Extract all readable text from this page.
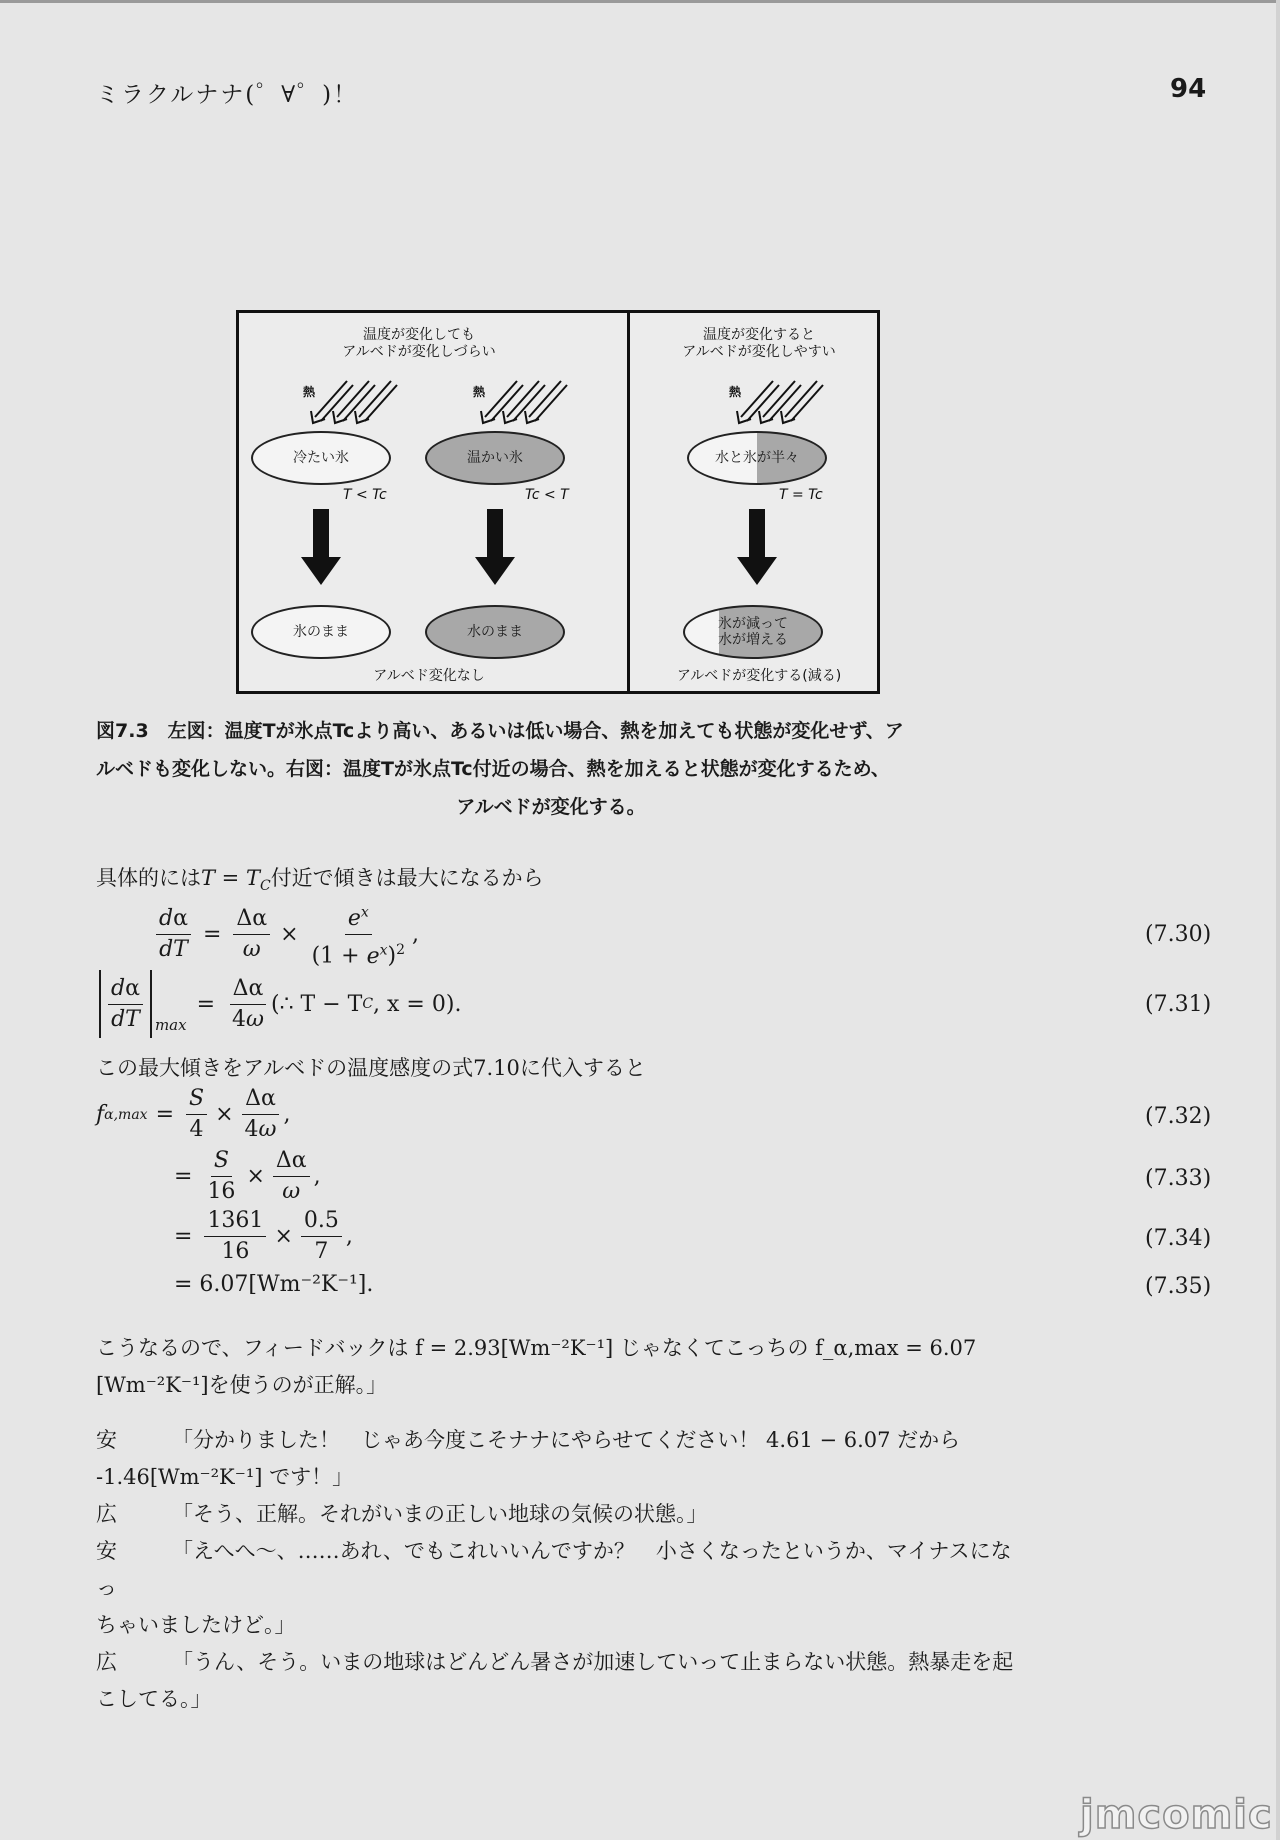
ミラクルナナ(゜∀゜)！	94
温度が変化しても
アルベドが変化しづらい
熱	熱
冷たい氷	温かい氷
T < Tc	Tc < T
氷のまま	水のまま
アルベド変化なし
温度が変化すると
アルベドが変化しやすい
熱
水と氷が半々
T = Tc
氷が減って
水が増える
アルベドが変化する(減る)
図7.3　左図：温度Tが氷点Tcより高い、あるいは低い場合、熱を加えても状態が変化せず、ア
ルベドも変化しない。右図：温度Tが氷点Tc付近の場合、熱を加えると状態が変化するため、
アルベドが変化する。
具体的には$T = T_C$付近で傾きは最大になるから
$\frac{d\alpha}{dT} = \frac{\Delta\alpha}{\omega} \times \frac{e^x}{(1 + e^x)^2}$ ,	(7.30)
$\frac{d\alpha}{dT}$ max
= $\frac{\Delta\alpha}{4\omega}$ (∴ T − T C , x = 0).	(7.31)
この最大傾きをアルベドの温度感度の式7.10に代入すると
f $\alpha,\max = \frac{S}{4} \times \frac{\Delta\alpha}{4\omega}$ ,	(7.32)
= $\frac{S}{16} \times \frac{\Delta\alpha}{\omega}$ ,	(7.33)
= $\frac{1361}{16} \times \frac{0.5}{7}$ ,	(7.34)
= 6.07[Wm⁻²K⁻¹].	(7.35)
こうなるので、フィードバックは f = 2.93[Wm⁻²K⁻¹] じゃなくてこっちの f_α,max = 6.07
[Wm⁻²K⁻¹]を使うのが正解。」
安	「分かりました！　じゃあ今度こそナナにやらせてください！ 4.61 − 6.07 だから
-1.46[Wm⁻²K⁻¹] です！」
広	「そう、正解。それがいまの正しい地球の気候の状態。」
安	「えへへ〜、……あれ、でもこれいいんですか？　小さくなったというか、マイナスになっ
ちゃいましたけど。」
広	「うん、そう。いまの地球はどんどん暑さが加速していって止まらない状態。熱暴走を起
こしてる。」
jmcomic
